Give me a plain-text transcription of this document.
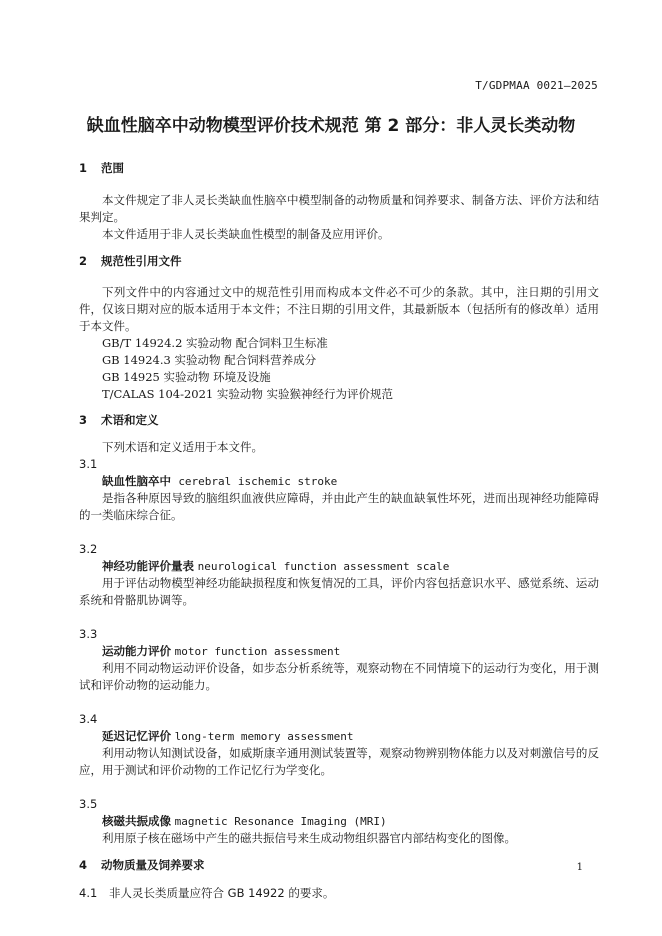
T/GDPMAA 0021—2025
缺血性脑卒中动物模型评价技术规范 第 2 部分：非人灵长类动物
1 范围
本文件规定了非人灵长类缺血性脑卒中模型制备的动物质量和饲养要求、制备方法、评价方法和结果判定。
本文件适用于非人灵长类缺血性模型的制备及应用评价。
2 规范性引用文件
下列文件中的内容通过文中的规范性引用而构成本文件必不可少的条款。其中，注日期的引用文件，仅该日期对应的版本适用于本文件；不注日期的引用文件，其最新版本（包括所有的修改单）适用于本文件。
GB/T 14924.2 实验动物 配合饲料卫生标准
GB 14924.3 实验动物 配合饲料营养成分
GB 14925 实验动物 环境及设施
T/CALAS 104-2021 实验动物 实验猴神经行为评价规范
3 术语和定义
下列术语和定义适用于本文件。
3.1
缺血性脑卒中 cerebral ischemic stroke
是指各种原因导致的脑组织血液供应障碍，并由此产生的缺血缺氧性坏死，进而出现神经功能障碍的一类临床综合征。
3.2
神经功能评价量表 neurological function assessment scale
用于评估动物模型神经功能缺损程度和恢复情况的工具，评价内容包括意识水平、感觉系统、运动系统和骨骼肌协调等。
3.3
运动能力评价 motor function assessment
利用不同动物运动评价设备，如步态分析系统等，观察动物在不同情境下的运动行为变化，用于测试和评价动物的运动能力。
3.4
延迟记忆评价 long-term memory assessment
利用动物认知测试设备，如威斯康辛通用测试装置等，观察动物辨别物体能力以及对刺激信号的反应，用于测试和评价动物的工作记忆行为学变化。
3.5
核磁共振成像 magnetic Resonance Imaging (MRI)
利用原子核在磁场中产生的磁共振信号来生成动物组织器官内部结构变化的图像。
4 动物质量及饲养要求
4.1 非人灵长类质量应符合 GB 14922 的要求。
1
